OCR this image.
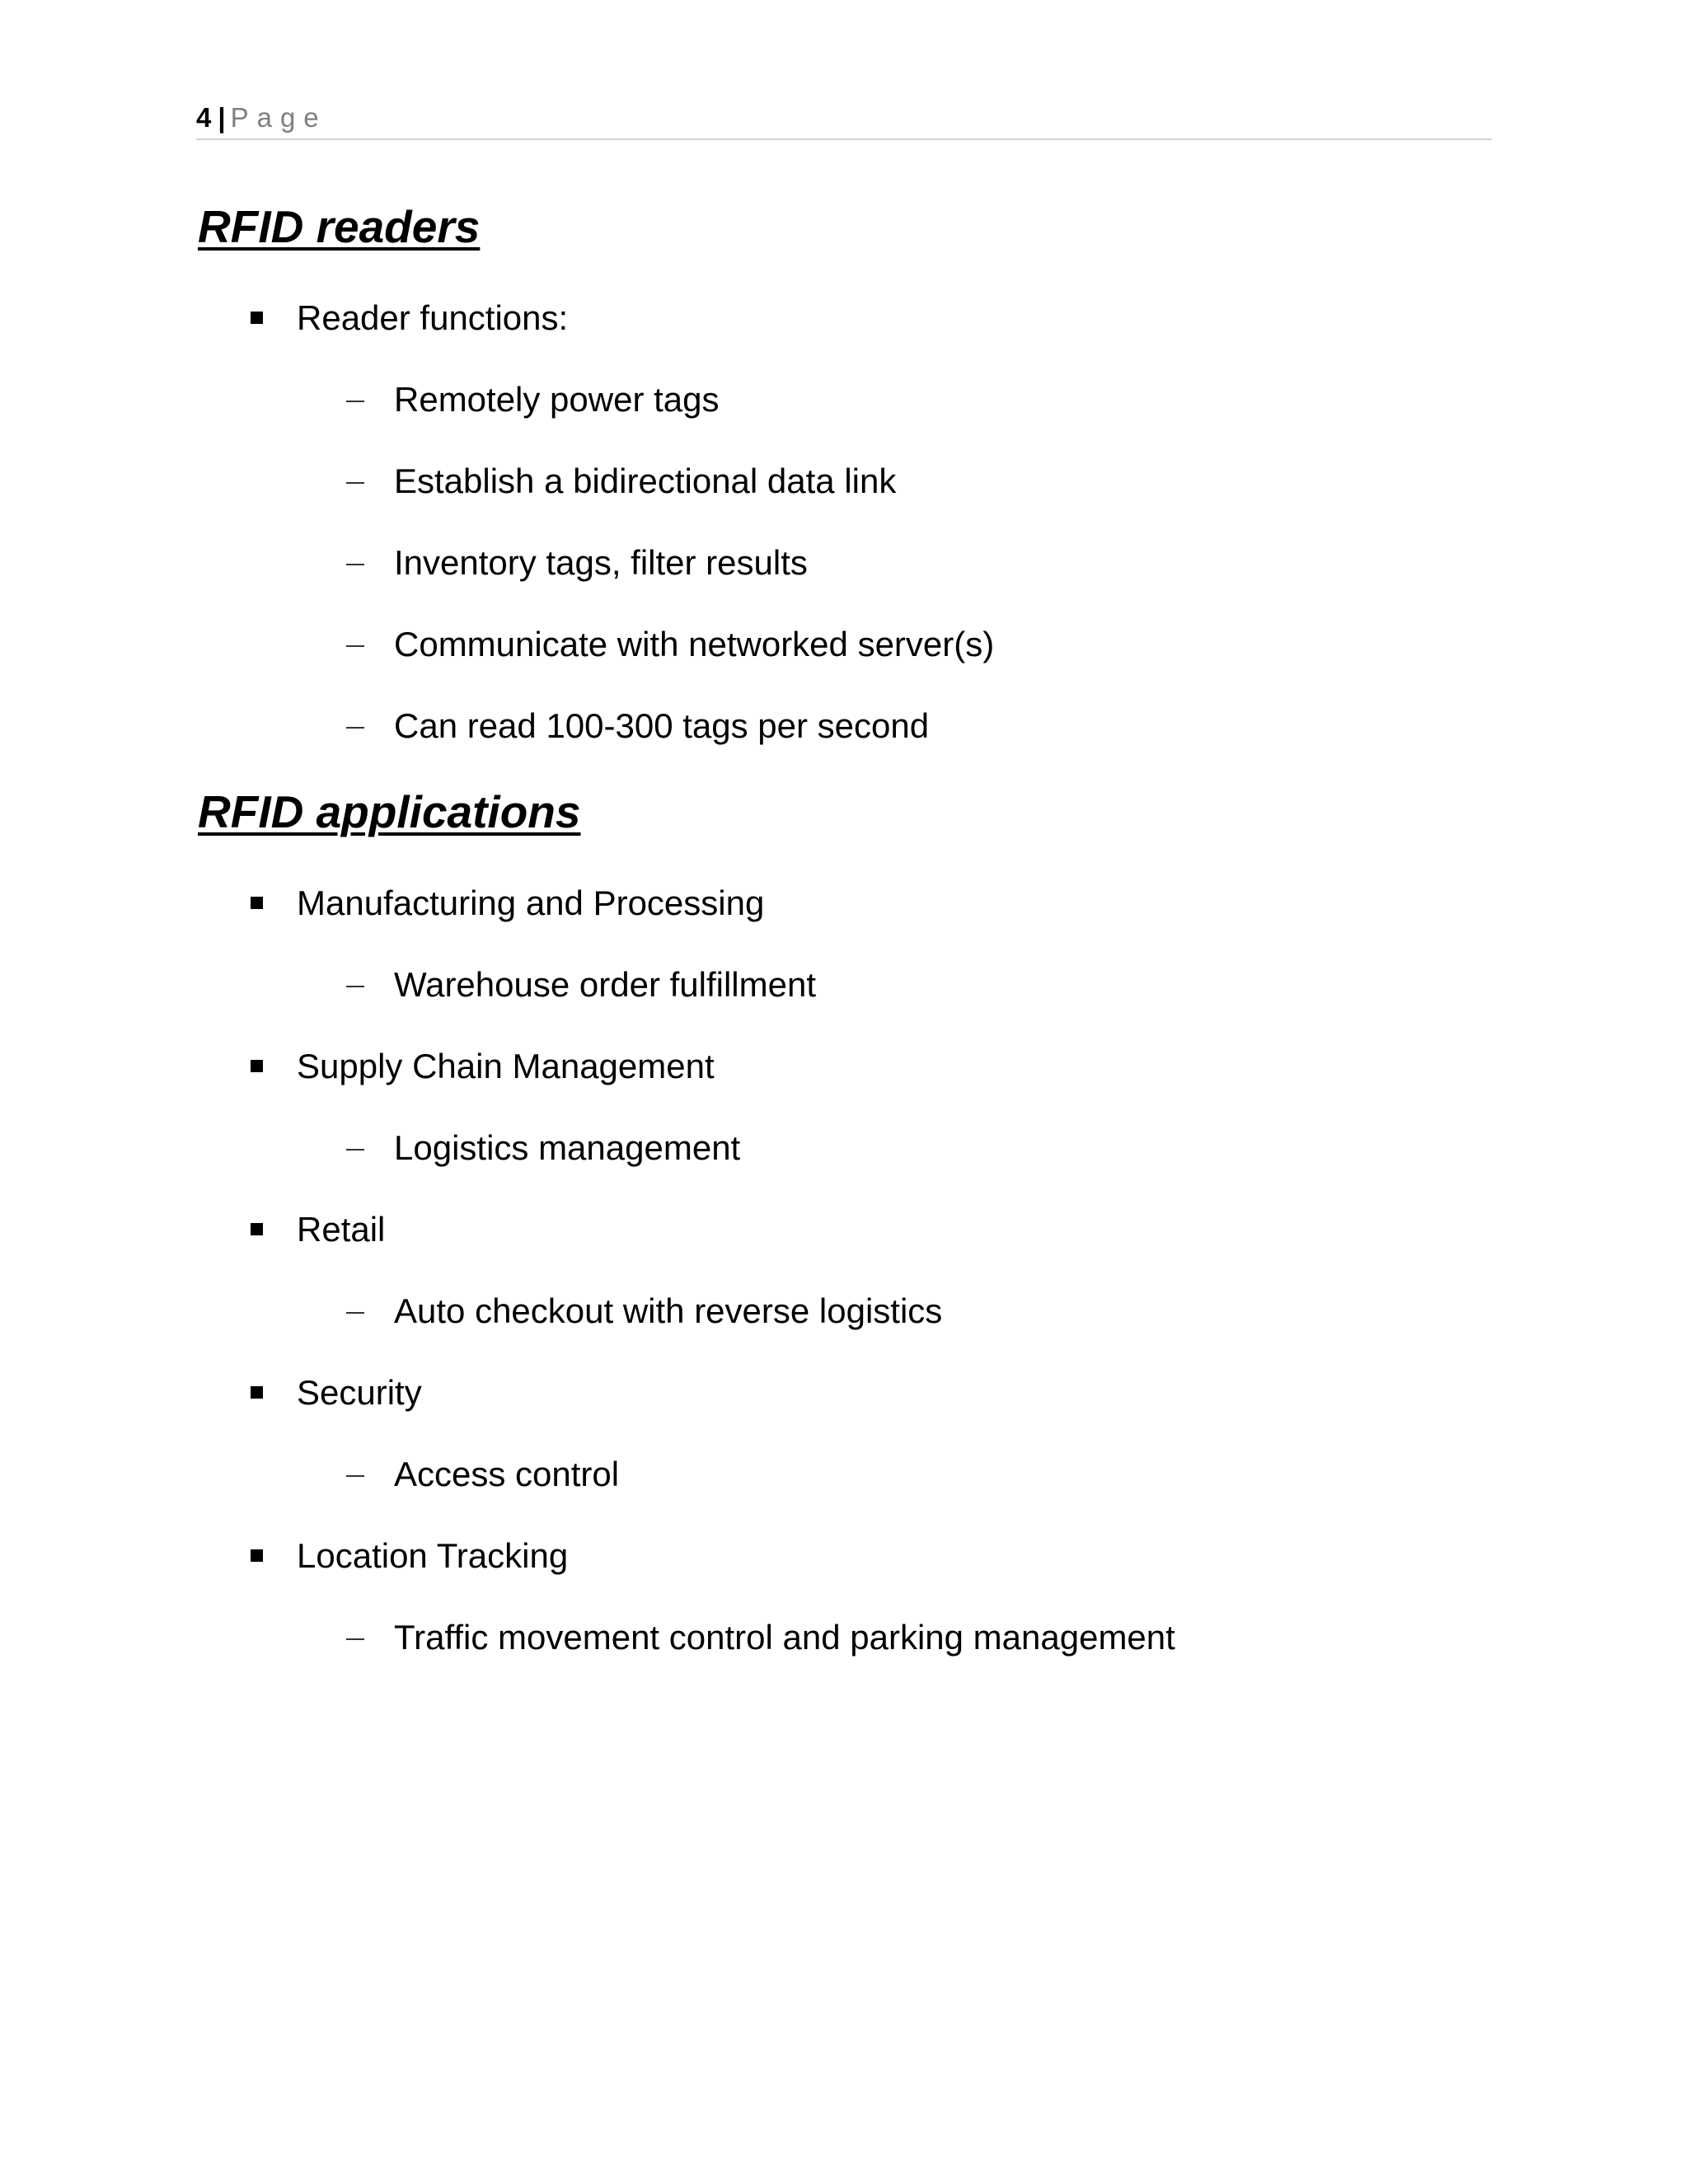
4 | Page
RFID readers
Reader functions:
Remotely power tags
Establish a bidirectional data link
Inventory tags, filter results
Communicate with networked server(s)
Can read 100-300 tags per second
RFID applications
Manufacturing and Processing
Warehouse order fulfillment
Supply Chain Management
Logistics management
Retail
Auto checkout with reverse logistics
Security
Access control
Location Tracking
Traffic movement control and parking management
